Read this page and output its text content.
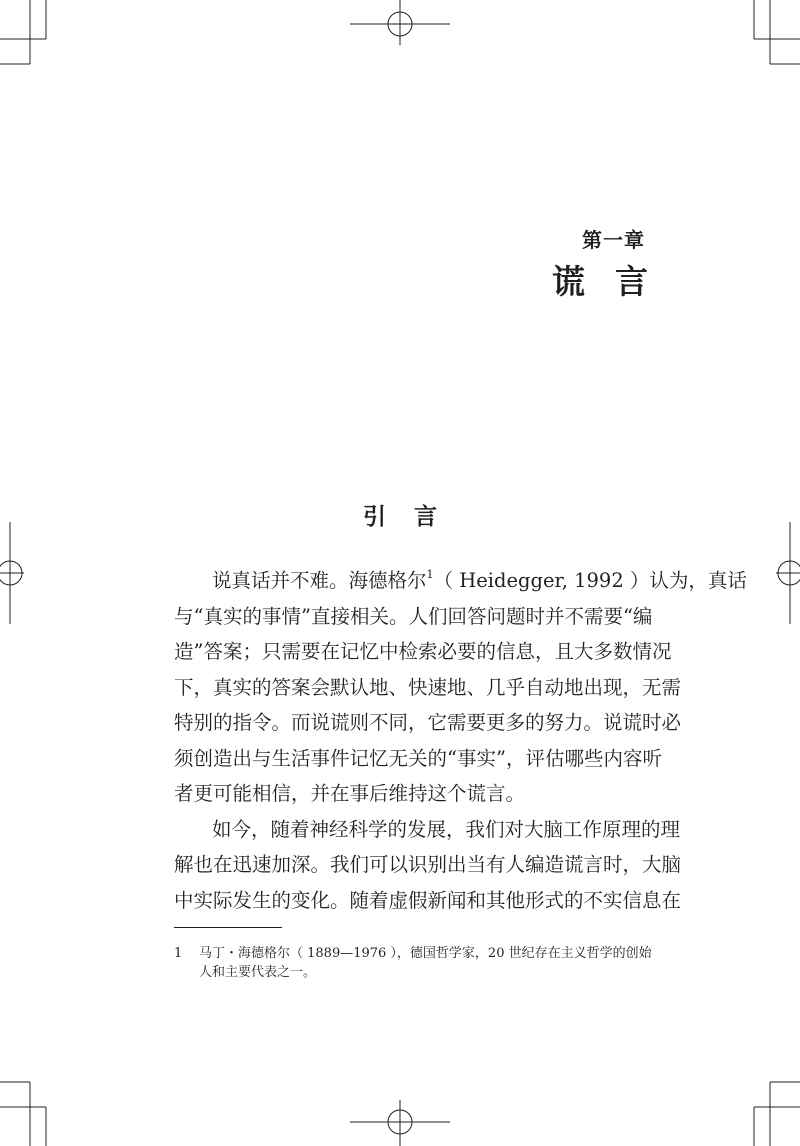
第一章
谎言
引言
说真话并不难。海德格尔$^1$（ Heidegger, 1992 ）认为，真话
与“真实的事情”直接相关。人们回答问题时并不需要“编
造”答案；只需要在记忆中检索必要的信息，且大多数情况
下，真实的答案会默认地、快速地、几乎自动地出现，无需
特别的指令。而说谎则不同，它需要更多的努力。说谎时必
须创造出与生活事件记忆无关的“事实”，评估哪些内容听
者更可能相信，并在事后维持这个谎言。
如今，随着神经科学的发展，我们对大脑工作原理的理
解也在迅速加深。我们可以识别出当有人编造谎言时，大脑
中实际发生的变化。随着虚假新闻和其他形式的不实信息在
1 马丁・海德格尔（ 1889—1976 ），德国哲学家，20 世纪存在主义哲学的创始
人和主要代表之一。
